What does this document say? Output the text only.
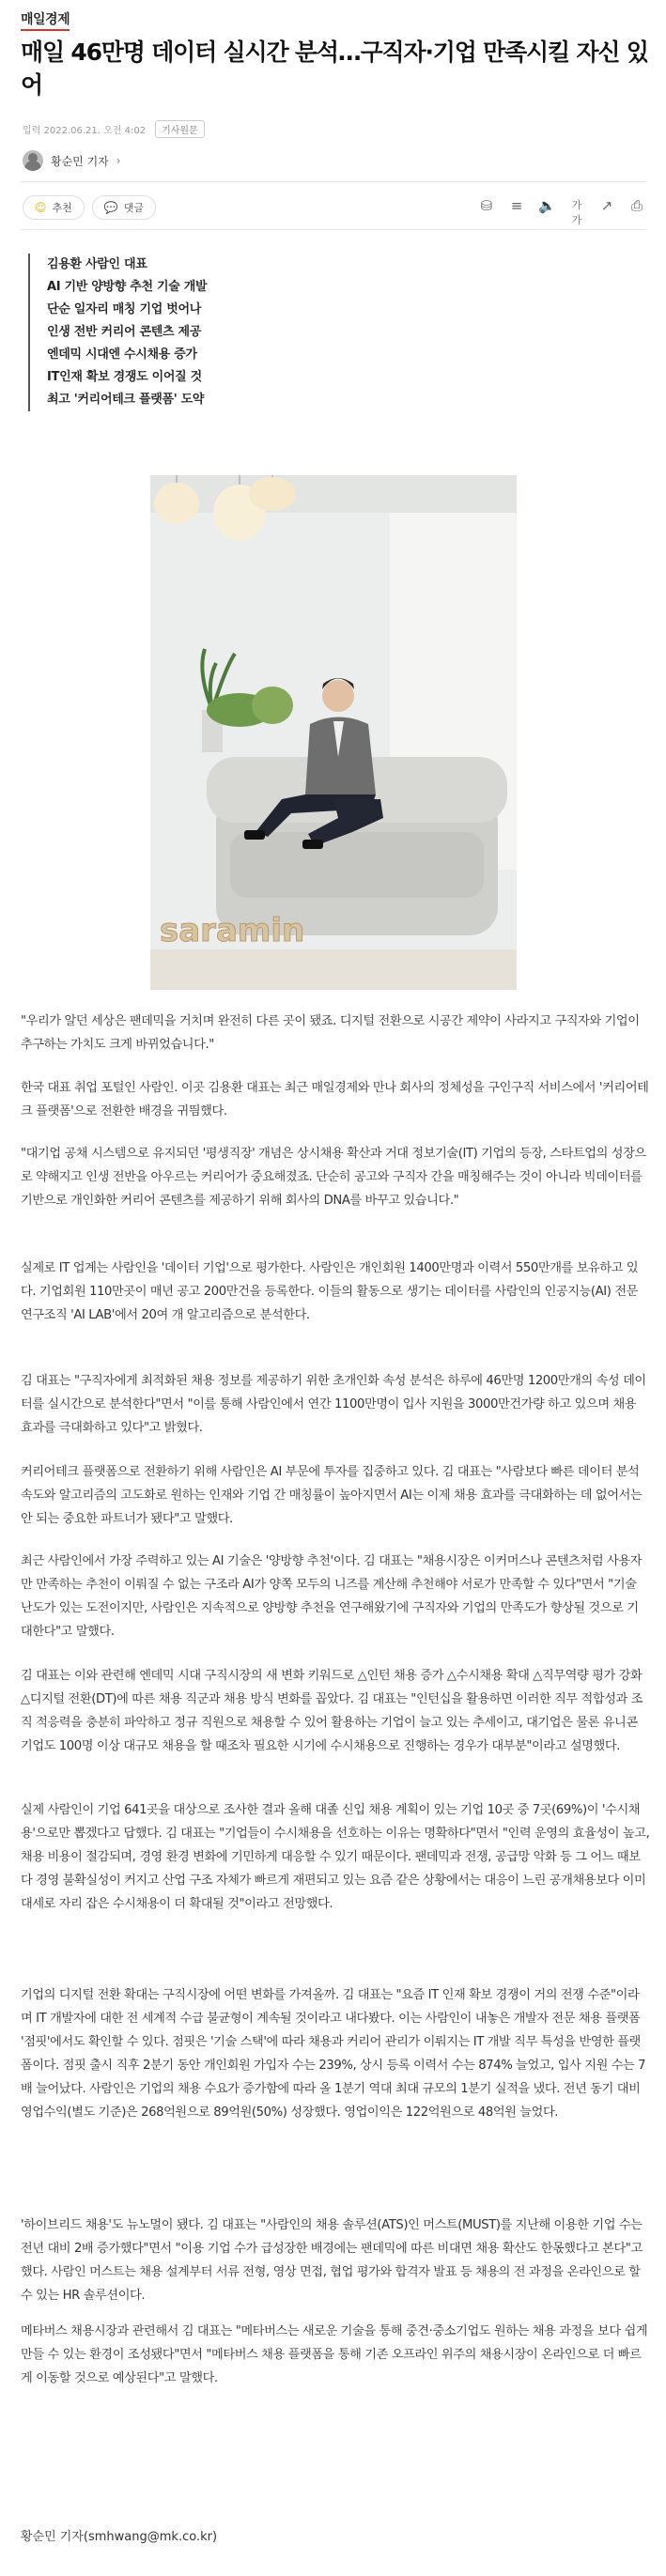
매일경제
매일 46만명 데이터 실시간 분석…구직자·기업 만족시킬 자신 있어
입력 2022.06.21. 오전 4:02	기사원문
황순민 기자 ›
☺ 추천	💬 댓글	⛁ ≡ 🔈	가가
↗ ⎙

김용환 사람인 대표

AI 기반 양방향 추천 기술 개발

단순 일자리 매칭 기업 벗어나

인생 전반 커리어 콘텐츠 제공

엔데믹 시대엔 수시채용 증가

IT인재 확보 경쟁도 이어질 것

최고 '커리어테크 플랫폼' 도약

saramin

"우리가 알던 세상은 팬데믹을 거치며 완전히 다른 곳이 됐죠. 디지털 전환으로 시공간 제약이 사라지고 구직자와 기업이 추구하는 가치도 크게 바뀌었습니다."

한국 대표 취업 포털인 사람인. 이곳 김용환 대표는 최근 매일경제와 만나 회사의 정체성을 구인구직 서비스에서 '커리어테크 플랫폼'으로 전환한 배경을 귀띔했다.

"대기업 공채 시스템으로 유지되던 '평생직장' 개념은 상시채용 확산과 거대 정보기술(IT) 기업의 등장, 스타트업의 성장으로 약해지고 인생 전반을 아우르는 커리어가 중요해졌죠. 단순히 공고와 구직자 간을 매칭해주는 것이 아니라 빅데이터를 기반으로 개인화한 커리어 콘텐츠를 제공하기 위해 회사의 DNA를 바꾸고 있습니다."

실제로 IT 업계는 사람인을 '데이터 기업'으로 평가한다. 사람인은 개인회원 1400만명과 이력서 550만개를 보유하고 있다. 기업회원 110만곳이 매년 공고 200만건을 등록한다. 이들의 활동으로 생기는 데이터를 사람인의 인공지능(AI) 전문 연구조직 'AI LAB'에서 20여 개 알고리즘으로 분석한다.

김 대표는 "구직자에게 최적화된 채용 정보를 제공하기 위한 초개인화 속성 분석은 하루에 46만명 1200만개의 속성 데이터를 실시간으로 분석한다"면서 "이를 통해 사람인에서 연간 1100만명이 입사 지원을 3000만건가량 하고 있으며 채용 효과를 극대화하고 있다"고 밝혔다.

커리어테크 플랫폼으로 전환하기 위해 사람인은 AI 부문에 투자를 집중하고 있다. 김 대표는 "사람보다 빠른 데이터 분석 속도와 알고리즘의 고도화로 원하는 인재와 기업 간 매칭률이 높아지면서 AI는 이제 채용 효과를 극대화하는 데 없어서는 안 되는 중요한 파트너가 됐다"고 말했다.

최근 사람인에서 가장 주력하고 있는 AI 기술은 '양방향 추천'이다. 김 대표는 "채용시장은 이커머스나 콘텐츠처럼 사용자만 만족하는 추천이 이뤄질 수 없는 구조라 AI가 양쪽 모두의 니즈를 계산해 추천해야 서로가 만족할 수 있다"면서 "기술 난도가 있는 도전이지만, 사람인은 지속적으로 양방향 추천을 연구해왔기에 구직자와 기업의 만족도가 향상될 것으로 기대한다"고 말했다.

김 대표는 이와 관련해 엔데믹 시대 구직시장의 새 변화 키워드로 △인턴 채용 증가 △수시채용 확대 △직무역량 평가 강화 △디지털 전환(DT)에 따른 채용 직군과 채용 방식 변화를 꼽았다. 김 대표는 "인턴십을 활용하면 이러한 직무 적합성과 조직 적응력을 충분히 파악하고 정규 직원으로 채용할 수 있어 활용하는 기업이 늘고 있는 추세이고, 대기업은 물론 유니콘 기업도 100명 이상 대규모 채용을 할 때조차 필요한 시기에 수시채용으로 진행하는 경우가 대부분"이라고 설명했다.

실제 사람인이 기업 641곳을 대상으로 조사한 결과 올해 대졸 신입 채용 계획이 있는 기업 10곳 중 7곳(69%)이 '수시채용'으로만 뽑겠다고 답했다. 김 대표는 "기업들이 수시채용을 선호하는 이유는 명확하다"면서 "인력 운영의 효율성이 높고, 채용 비용이 절감되며, 경영 환경 변화에 기민하게 대응할 수 있기 때문이다. 팬데믹과 전쟁, 공급망 악화 등 그 어느 때보다 경영 불확실성이 커지고 산업 구조 자체가 빠르게 재편되고 있는 요즘 같은 상황에서는 대응이 느린 공개채용보다 이미 대세로 자리 잡은 수시채용이 더 확대될 것"이라고 전망했다.

기업의 디지털 전환 확대는 구직시장에 어떤 변화를 가져올까. 김 대표는 "요즘 IT 인재 확보 경쟁이 거의 전쟁 수준"이라며 IT 개발자에 대한 전 세계적 수급 불균형이 계속될 것이라고 내다봤다. 이는 사람인이 내놓은 개발자 전문 채용 플랫폼 '점핏'에서도 확인할 수 있다. 점핏은 '기술 스택'에 따라 채용과 커리어 관리가 이뤄지는 IT 개발 직무 특성을 반영한 플랫폼이다. 점핏 출시 직후 2분기 동안 개인회원 가입자 수는 239%, 상시 등록 이력서 수는 874% 늘었고, 입사 지원 수는 7배 늘어났다. 사람인은 기업의 채용 수요가 증가함에 따라 올 1분기 역대 최대 규모의 1분기 실적을 냈다. 전년 동기 대비 영업수익(별도 기준)은 268억원으로 89억원(50%) 성장했다. 영업이익은 122억원으로 48억원 늘었다.

'하이브리드 채용'도 뉴노멀이 됐다. 김 대표는 "사람인의 채용 솔루션(ATS)인 머스트(MUST)를 지난해 이용한 기업 수는 전년 대비 2배 증가했다"면서 "이용 기업 수가 급성장한 배경에는 팬데믹에 따른 비대면 채용 확산도 한몫했다고 본다"고 했다. 사람인 머스트는 채용 설계부터 서류 전형, 영상 면접, 협업 평가와 합격자 발표 등 채용의 전 과정을 온라인으로 할 수 있는 HR 솔루션이다.

메타버스 채용시장과 관련해서 김 대표는 "메타버스는 새로운 기술을 통해 중견·중소기업도 원하는 채용 과정을 보다 쉽게 만들 수 있는 환경이 조성됐다"면서 "메타버스 채용 플랫폼을 통해 기존 오프라인 위주의 채용시장이 온라인으로 더 빠르게 이동할 것으로 예상된다"고 말했다.

황순민 기자(smhwang@mk.co.kr)
